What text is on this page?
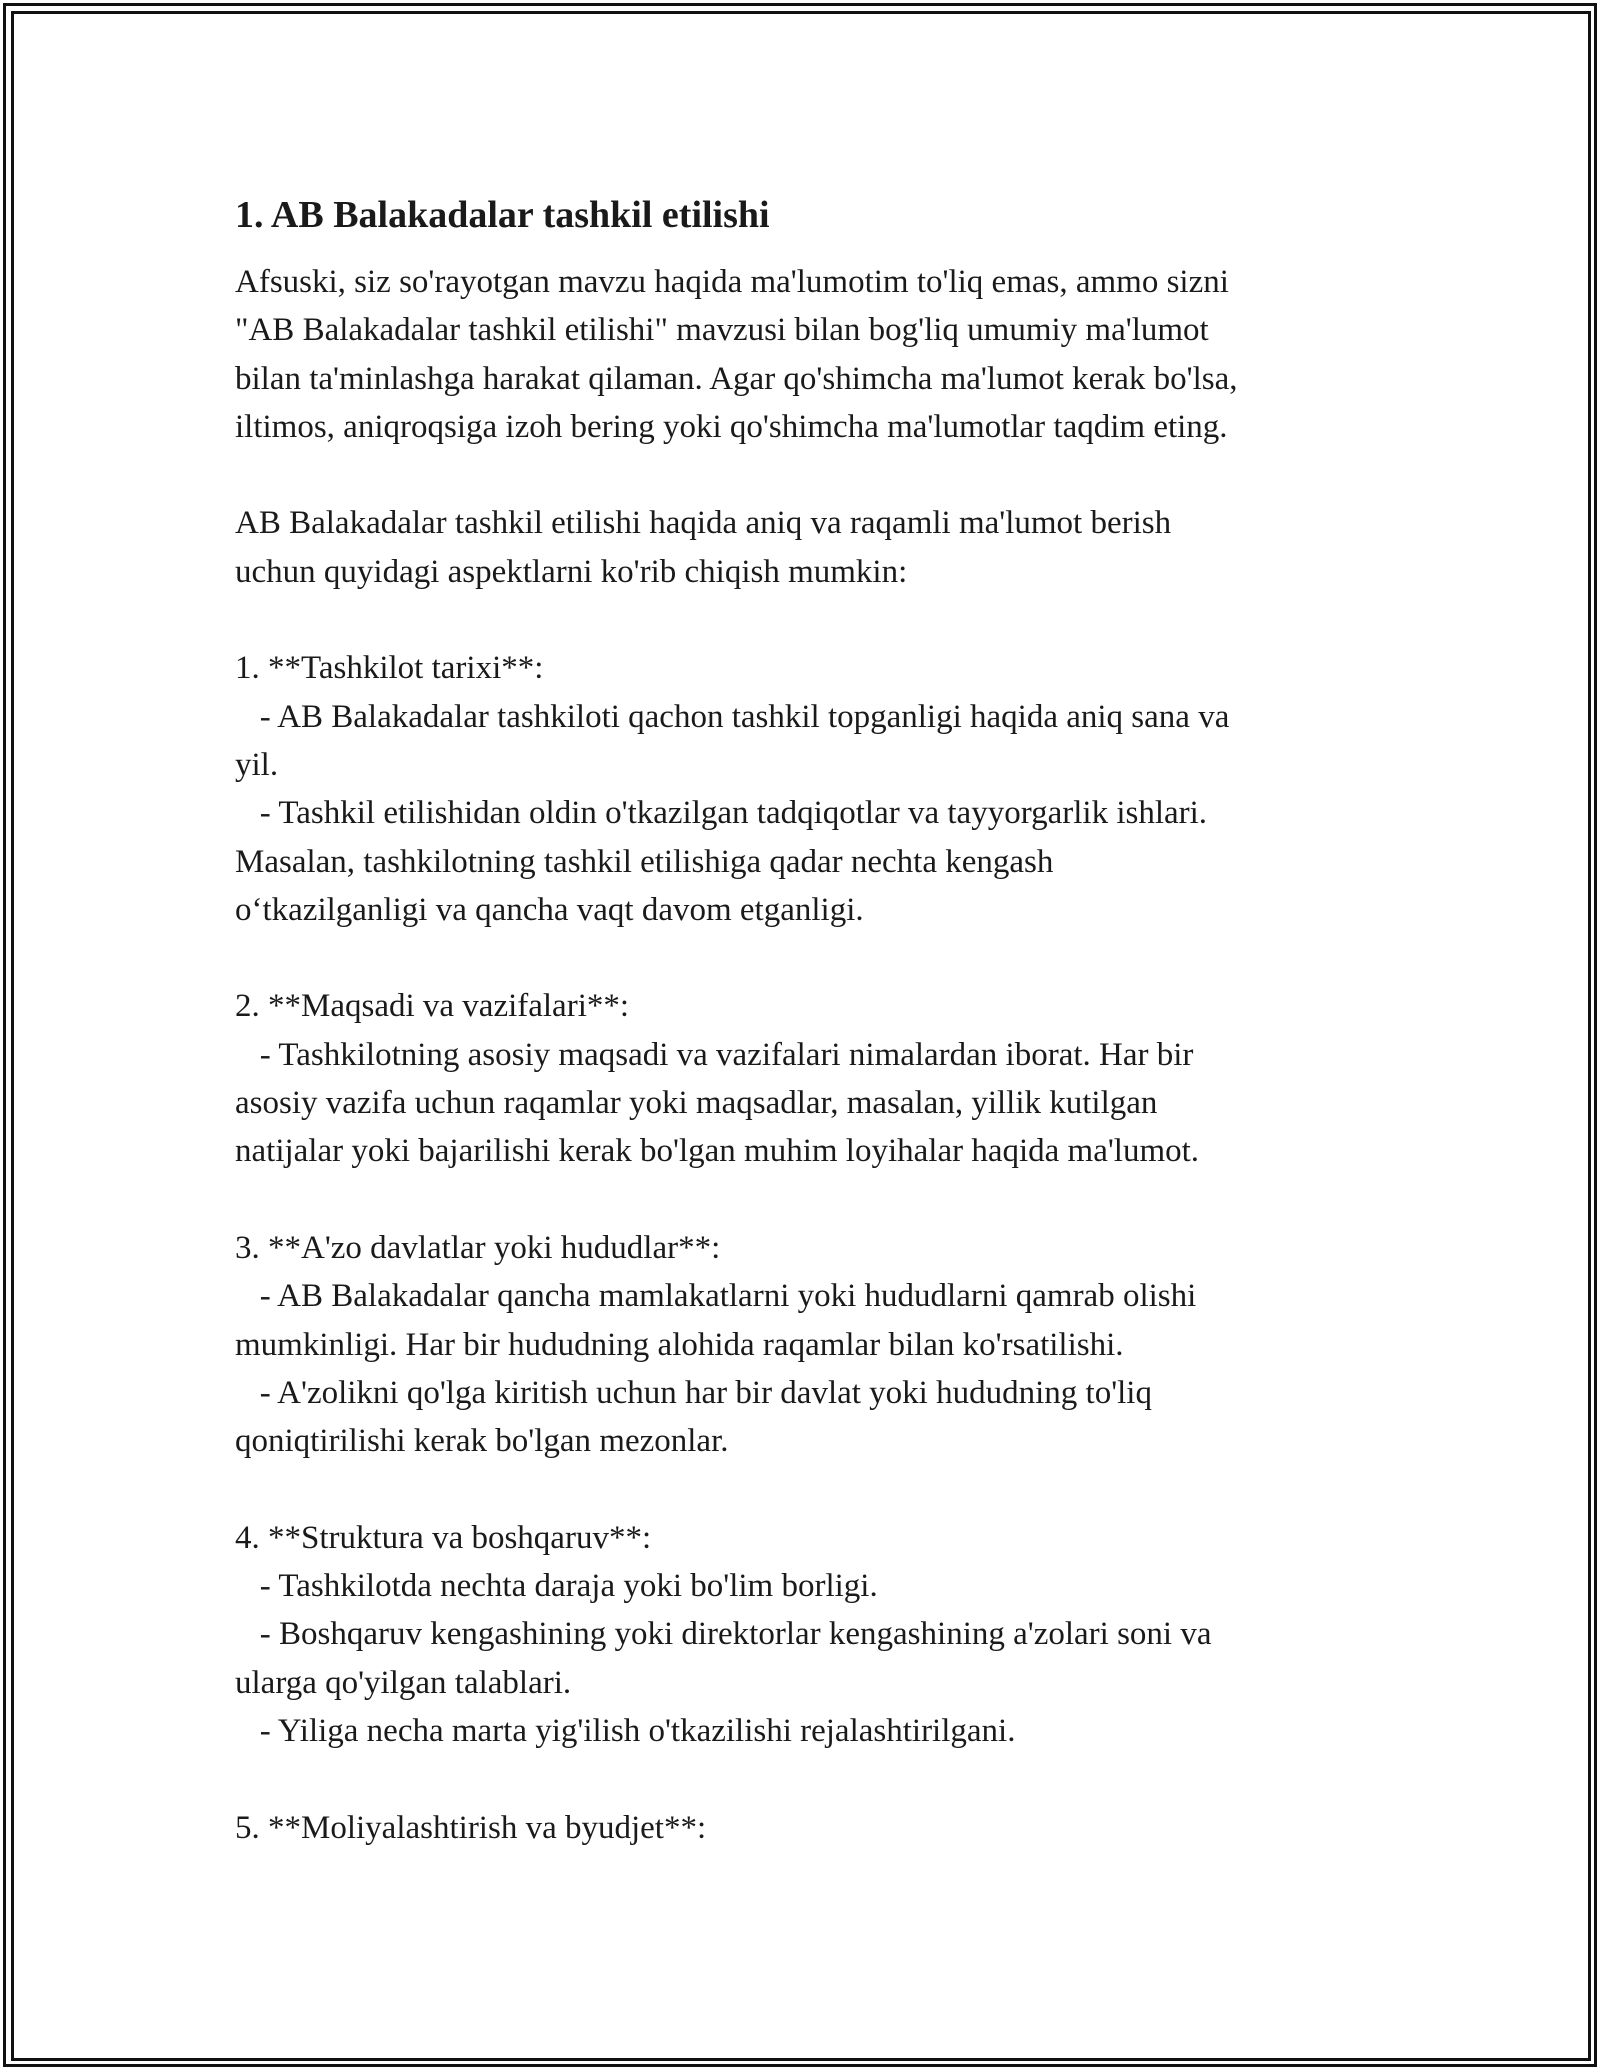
1. AB Balakadalar tashkil etilishi

Afsuski, siz so'rayotgan mavzu haqida ma'lumotim to'liq emas, ammo sizni
"AB Balakadalar tashkil etilishi" mavzusi bilan bog'liq umumiy ma'lumot
bilan ta'minlashga harakat qilaman. Agar qo'shimcha ma'lumot kerak bo'lsa,
iltimos, aniqroqsiga izoh bering yoki qo'shimcha ma'lumotlar taqdim eting.

AB Balakadalar tashkil etilishi haqida aniq va raqamli ma'lumot berish
uchun quyidagi aspektlarni ko'rib chiqish mumkin:

1. **Tashkilot tarixi**:
- AB Balakadalar tashkiloti qachon tashkil topganligi haqida aniq sana va
yil.
- Tashkil etilishidan oldin o'tkazilgan tadqiqotlar va tayyorgarlik ishlari.
Masalan, tashkilotning tashkil etilishiga qadar nechta kengash
o‘tkazilganligi va qancha vaqt davom etganligi.

2. **Maqsadi va vazifalari**:
- Tashkilotning asosiy maqsadi va vazifalari nimalardan iborat. Har bir
asosiy vazifa uchun raqamlar yoki maqsadlar, masalan, yillik kutilgan
natijalar yoki bajarilishi kerak bo'lgan muhim loyihalar haqida ma'lumot.

3. **A'zo davlatlar yoki hududlar**:
- AB Balakadalar qancha mamlakatlarni yoki hududlarni qamrab olishi
mumkinligi. Har bir hududning alohida raqamlar bilan ko'rsatilishi.
- A'zolikni qo'lga kiritish uchun har bir davlat yoki hududning to'liq
qoniqtirilishi kerak bo'lgan mezonlar.

4. **Struktura va boshqaruv**:
- Tashkilotda nechta daraja yoki bo'lim borligi.
- Boshqaruv kengashining yoki direktorlar kengashining a'zolari soni va
ularga qo'yilgan talablari.
- Yiliga necha marta yig'ilish o'tkazilishi rejalashtirilgani.

5. **Moliyalashtirish va byudjet**:
